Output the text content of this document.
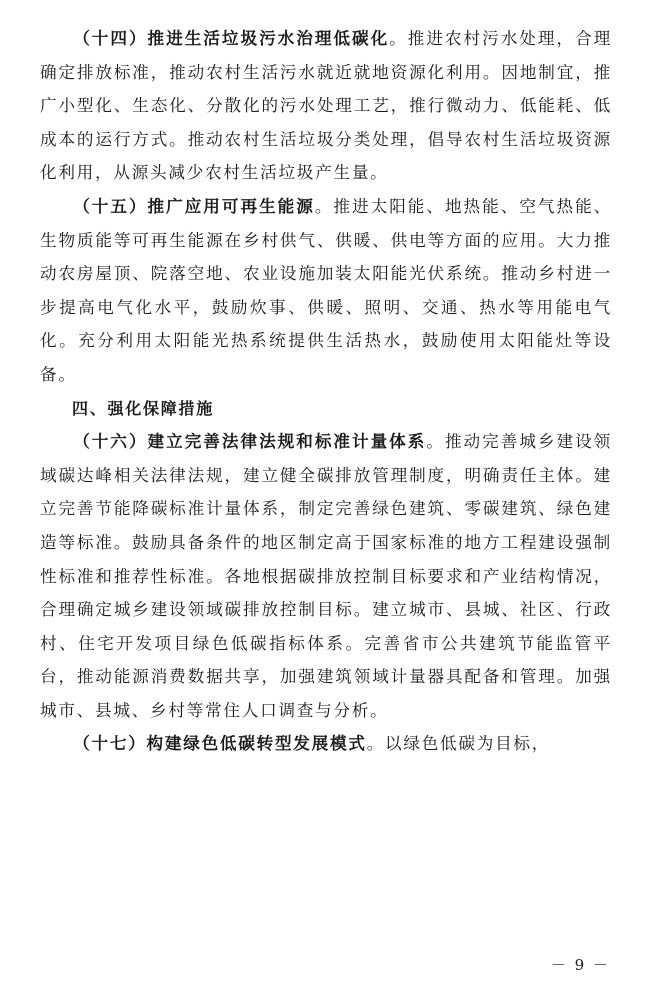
（十四）推进生活垃圾污水治理低碳化。推进农村污水处理，合理确定排放标准，推动农村生活污水就近就地资源化利用。因地制宜，推广小型化、生态化、分散化的污水处理工艺，推行微动力、低能耗、低成本的运行方式。推动农村生活垃圾分类处理，倡导农村生活垃圾资源化利用，从源头减少农村生活垃圾产生量。

（十五）推广应用可再生能源。推进太阳能、地热能、空气热能、生物质能等可再生能源在乡村供气、供暖、供电等方面的应用。大力推动农房屋顶、院落空地、农业设施加装太阳能光伏系统。推动乡村进一步提高电气化水平，鼓励炊事、供暖、照明、交通、热水等用能电气化。充分利用太阳能光热系统提供生活热水，鼓励使用太阳能灶等设备。

四、强化保障措施

（十六）建立完善法律法规和标准计量体系。推动完善城乡建设领域碳达峰相关法律法规，建立健全碳排放管理制度，明确责任主体。建立完善节能降碳标准计量体系，制定完善绿色建筑、零碳建筑、绿色建造等标准。鼓励具备条件的地区制定高于国家标准的地方工程建设强制性标准和推荐性标准。各地根据碳排放控制目标要求和产业结构情况，合理确定城乡建设领域碳排放控制目标。建立城市、县城、社区、行政村、住宅开发项目绿色低碳指标体系。完善省市公共建筑节能监管平台，推动能源消费数据共享，加强建筑领域计量器具配备和管理。加强城市、县城、乡村等常住人口调查与分析。

（十七）构建绿色低碳转型发展模式。以绿色低碳为目标，

－ 9 －
